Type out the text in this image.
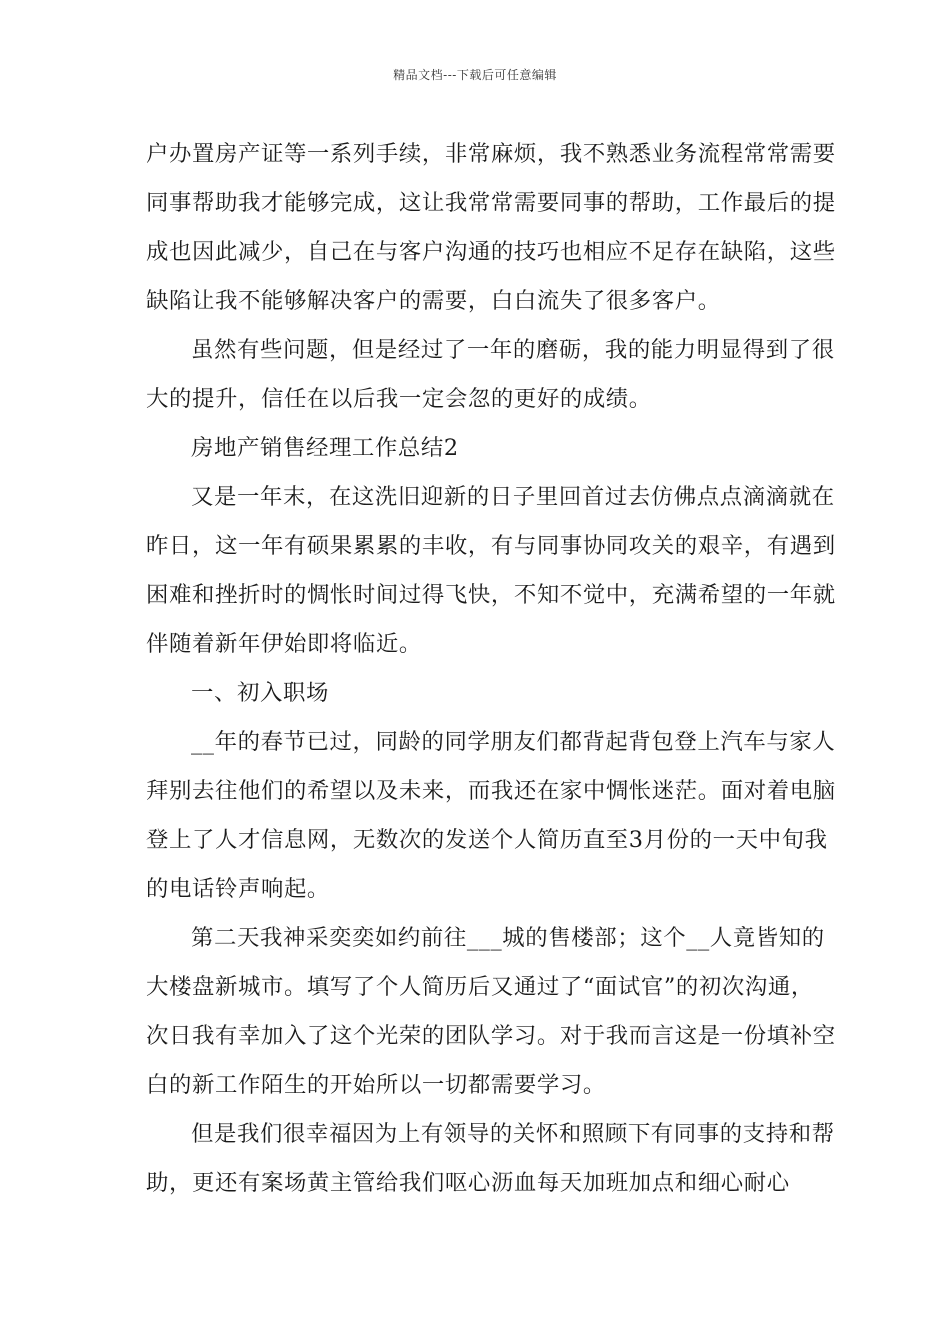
精品文档---下载后可任意编辑

户办置房产证等一系列手续，非常麻烦，我不熟悉业务流程常常需要同事帮助我才能够完成，这让我常常需要同事的帮助，工作最后的提成也因此减少，自己在与客户沟通的技巧也相应不足存在缺陷，这些缺陷让我不能够解决客户的需要，白白流失了很多客户。

虽然有些问题，但是经过了一年的磨砺，我的能力明显得到了很大的提升，信任在以后我一定会忽的更好的成绩。

房地产销售经理工作总结2

又是一年末，在这洗旧迎新的日子里回首过去仿佛点点滴滴就在昨日，这一年有硕果累累的丰收，有与同事协同攻关的艰辛，有遇到困难和挫折时的惆怅时间过得飞快，不知不觉中，充满希望的一年就伴随着新年伊始即将临近。

一、初入职场

__年的春节已过，同龄的同学朋友们都背起背包登上汽车与家人拜别去往他们的希望以及未来，而我还在家中惆怅迷茫。面对着电脑登上了人才信息网，无数次的发送个人简历直至3月份的一天中旬我的电话铃声响起。

第二天我神采奕奕如约前往___城的售楼部；这个__人竟皆知的大楼盘新城市。填写了个人简历后又通过了“面试官”的初次沟通，次日我有幸加入了这个光荣的团队学习。对于我而言这是一份填补空白的新工作陌生的开始所以一切都需要学习。

但是我们很幸福因为上有领导的关怀和照顾下有同事的支持和帮助，更还有案场黄主管给我们呕心沥血每天加班加点和细心耐心
